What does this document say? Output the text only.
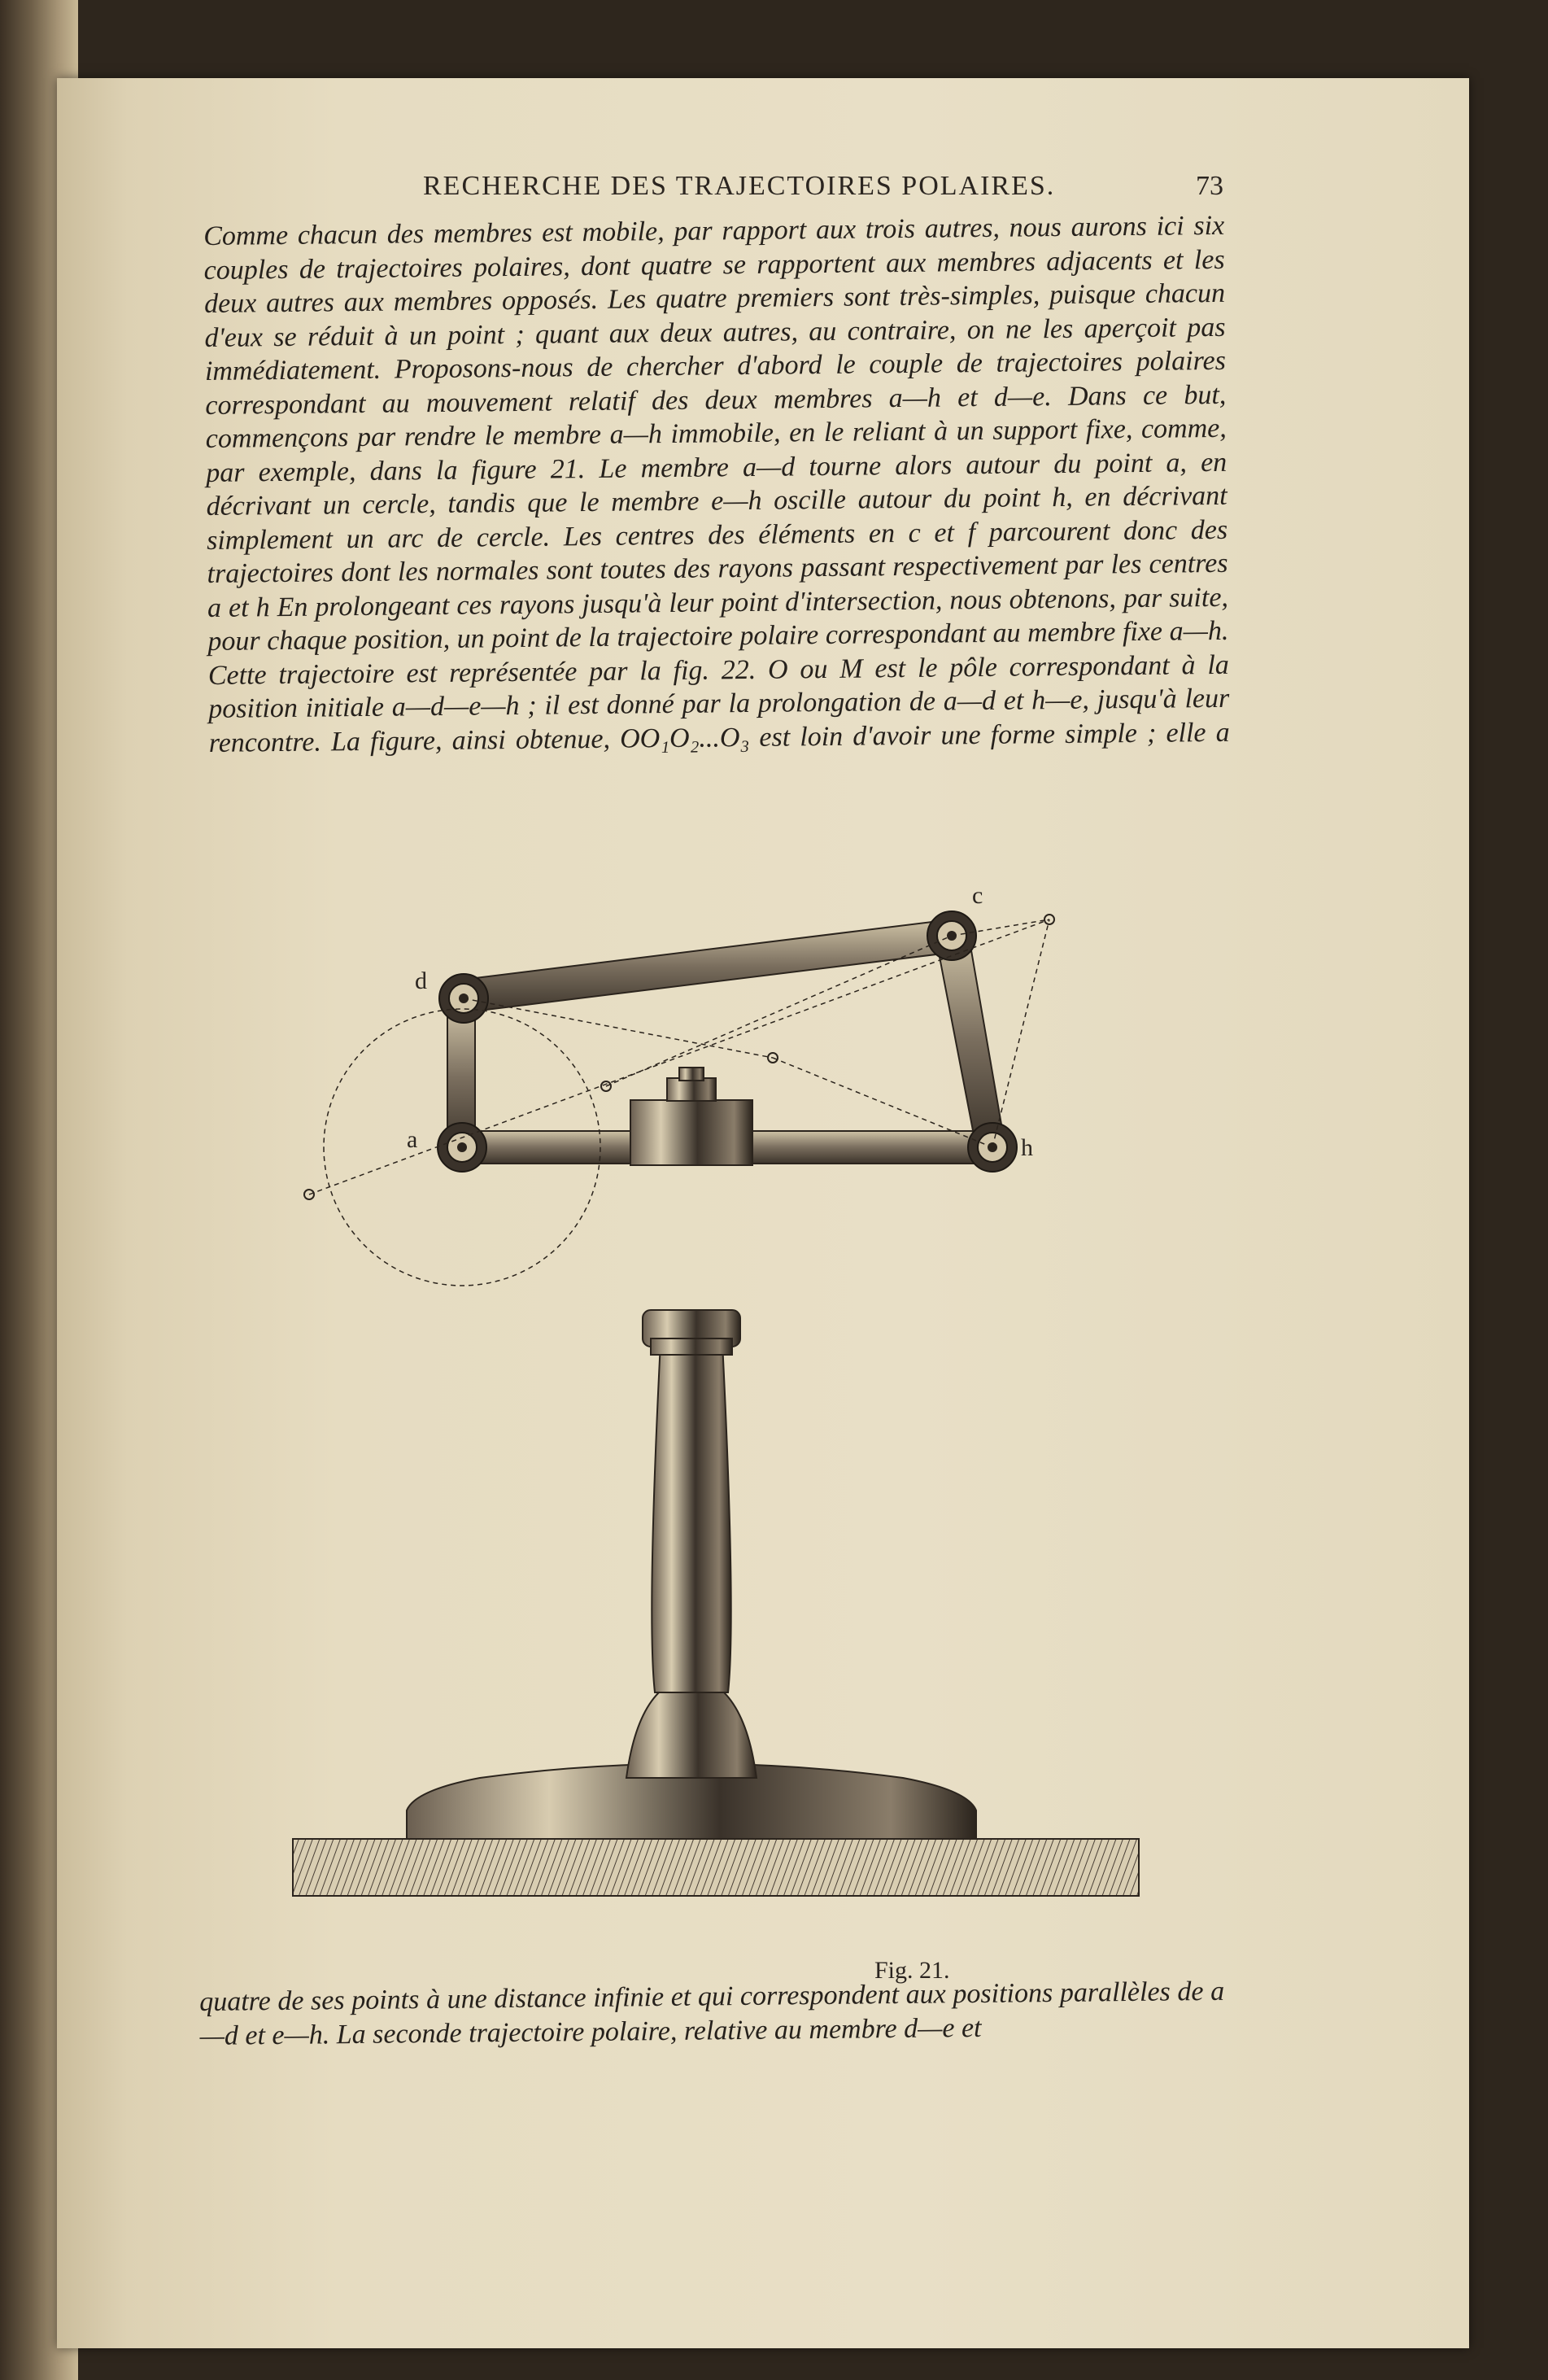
RECHERCHE DES TRAJECTOIRES POLAIRES.	73

Comme chacun des membres est mobile, par rapport aux trois autres, nous aurons ici six couples de trajectoires polaires, dont quatre se rapportent aux membres adjacents et les deux autres aux membres opposés. Les quatre premiers sont très-simples, puisque chacun d'eux se réduit à un point ; quant aux deux autres, au contraire, on ne les aperçoit pas immédiatement. Proposons-nous de chercher d'abord le couple de trajectoires polaires correspondant au mouvement relatif des deux membres a—h et d—e. Dans ce but, commençons par rendre le membre a—h immobile, en le reliant à un support fixe, comme, par exemple, dans la figure 21. Le membre a—d tourne alors autour du point a, en décrivant un cercle, tandis que le membre e—h oscille autour du point h, en décrivant simplement un arc de cercle. Les centres des éléments en c et f parcourent donc des trajectoires dont les normales sont toutes des rayons passant respectivement par les centres a et h En prolongeant ces rayons jusqu'à leur point d'intersection, nous obtenons, par suite, pour chaque position, un point de la trajectoire polaire correspondant au membre fixe a—h. Cette trajectoire est représentée par la fig. 22. O ou M est le pôle correspondant à la position initiale a—d—e—h ; il est donné par la prolongation de a—d et h—e, jusqu'à leur rencontre. La figure, ainsi obtenue, OO₁O₂...O₃ est loin d'avoir une forme simple ; elle a

c
d
a	h
Fig. 21.
quatre de ses points à une distance infinie et qui correspondent aux positions parallèles de a—d et e—h. La seconde trajectoire polaire, relative au membre d—e et
